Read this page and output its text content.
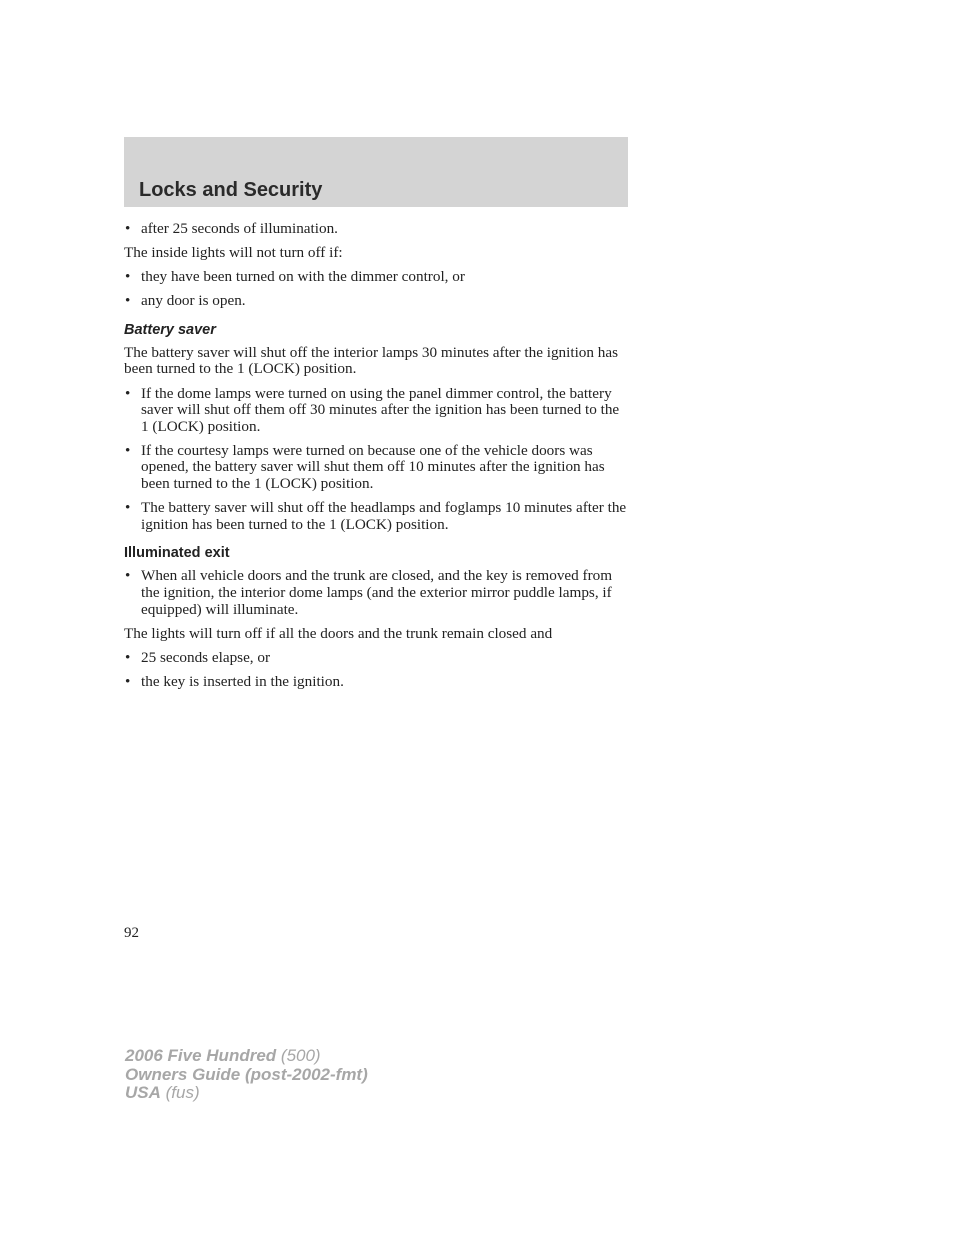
Locks and Security
• after 25 seconds of illumination.

The inside lights will not turn off if:

• they have been turned on with the dimmer control, or
• any door is open.
Battery saver

The battery saver will shut off the interior lamps 30 minutes after the ignition has been turned to the 1 (LOCK) position.

• If the dome lamps were turned on using the panel dimmer control, the battery saver will shut off them off 30 minutes after the ignition has been turned to the 1 (LOCK) position.
• If the courtesy lamps were turned on because one of the vehicle doors was opened, the battery saver will shut them off 10 minutes after the ignition has been turned to the 1 (LOCK) position.
• The battery saver will shut off the headlamps and foglamps 10 minutes after the ignition has been turned to the 1 (LOCK) position.
Illuminated exit
• When all vehicle doors and the trunk are closed, and the key is removed from the ignition, the interior dome lamps (and the exterior mirror puddle lamps, if equipped) will illuminate.

The lights will turn off if all the doors and the trunk remain closed and

• 25 seconds elapse, or
• the key is inserted in the ignition.
92
2006 Five Hundred (500)
Owners Guide (post-2002-fmt)
USA (fus)
